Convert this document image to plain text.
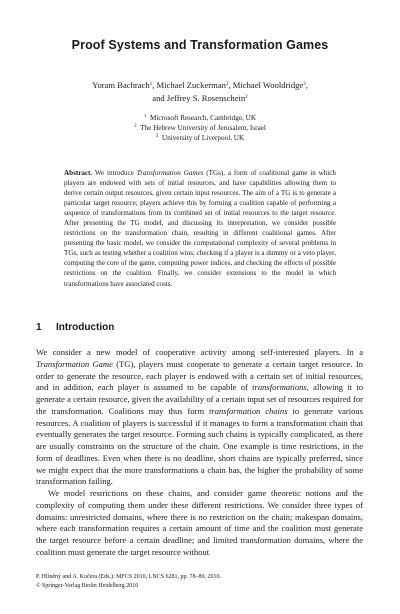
Proof Systems and Transformation Games
Yoram Bachrach$^1$, Michael Zuckerman$^2$, Michael Wooldridge$^3$,
and Jeffrey S. Rosenschein$^2$
$^1$ Microsoft Research, Cambridge, UK
$^2$ The Hebrew University of Jerusalem, Israel
$^3$ University of Liverpool, UK
Abstract. We introduce Transformation Games (TGs), a form of coalitional game in which players are endowed with sets of initial resources, and have capabilities allowing them to derive certain output resources, given certain input resources. The aim of a TG is to generate a particular target resource; players achieve this by forming a coalition capable of performing a sequence of transformations from its combined set of initial resources to the target resource. After presenting the TG model, and discussing its interpretation, we consider possible restrictions on the transformation chain, resulting in different coalitional games. After presenting the basic model, we consider the computational complexity of several problems in TGs, such as testing whether a coalition wins, checking if a player is a dummy or a veto player, computing the core of the game, computing power indices, and checking the effects of possible restrictions on the coalition. Finally, we consider extensions to the model in which transformations have associated costs.
1 Introduction

We consider a new model of cooperative activity among self-interested players. In a Transformation Game (TG), players must cooperate to generate a certain target resource. In order to generate the resource, each player is endowed with a certain set of initial resources, and in addition, each player is assumed to be capable of transformations, allowing it to generate a certain resource, given the availability of a certain input set of resources required for the transformation. Coalitions may thus form transformation chains to generate various resources. A coalition of players is successful if it manages to form a transformation chain that eventually generates the target resource. Forming such chains is typically complicated, as there are usually constraints on the structure of the chain. One example is time restrictions, in the form of deadlines. Even when there is no deadline, short chains are typically preferred, since we might expect that the more transformations a chain has, the higher the probability of some transformation failing.

We model restrictions on these chains, and consider game theoretic notions and the complexity of computing them under these different restrictions. We consider three types of domains: unrestricted domains, where there is no restriction on the chain; makespan domains, where each transformation requires a certain amount of time and the coalition must generate the target resource before a certain deadline; and limited transformation domains, where the coalition must generate the target resource without

P. Hliněný and A. Kučera (Eds.): MFCS 2010, LNCS 6281, pp. 78–89, 2010.
© Springer-Verlag Berlin Heidelberg 2010
